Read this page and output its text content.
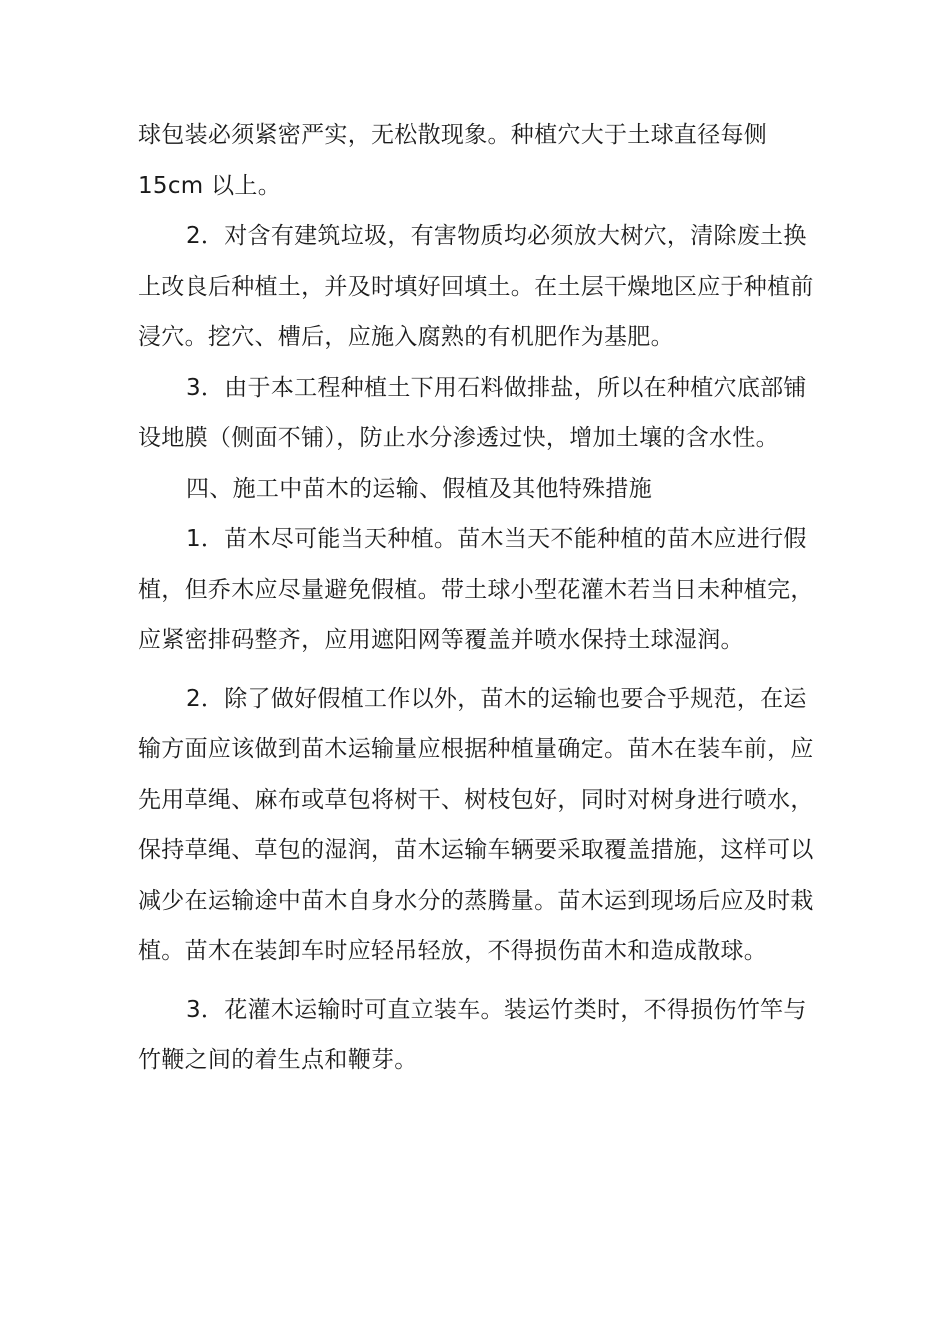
球包装必须紧密严实，无松散现象。种植穴大于土球直径每侧 15cm 以上。

2．对含有建筑垃圾，有害物质均必须放大树穴，清除废土换上改良后种植土，并及时填好回填土。在土层干燥地区应于种植前浸穴。挖穴、槽后，应施入腐熟的有机肥作为基肥。

3．由于本工程种植土下用石料做排盐，所以在种植穴底部铺设地膜（侧面不铺），防止水分渗透过快，增加土壤的含水性。

四、施工中苗木的运输、假植及其他特殊措施

1．苗木尽可能当天种植。苗木当天不能种植的苗木应进行假植，但乔木应尽量避免假植。带土球小型花灌木若当日未种植完，应紧密排码整齐，应用遮阳网等覆盖并喷水保持土球湿润。

2．除了做好假植工作以外，苗木的运输也要合乎规范，在运输方面应该做到苗木运输量应根据种植量确定。苗木在装车前，应先用草绳、麻布或草包将树干、树枝包好，同时对树身进行喷水，保持草绳、草包的湿润，苗木运输车辆要采取覆盖措施，这样可以减少在运输途中苗木自身水分的蒸腾量。苗木运到现场后应及时栽植。苗木在装卸车时应轻吊轻放，不得损伤苗木和造成散球。

3．花灌木运输时可直立装车。装运竹类时，不得损伤竹竿与竹鞭之间的着生点和鞭芽。
